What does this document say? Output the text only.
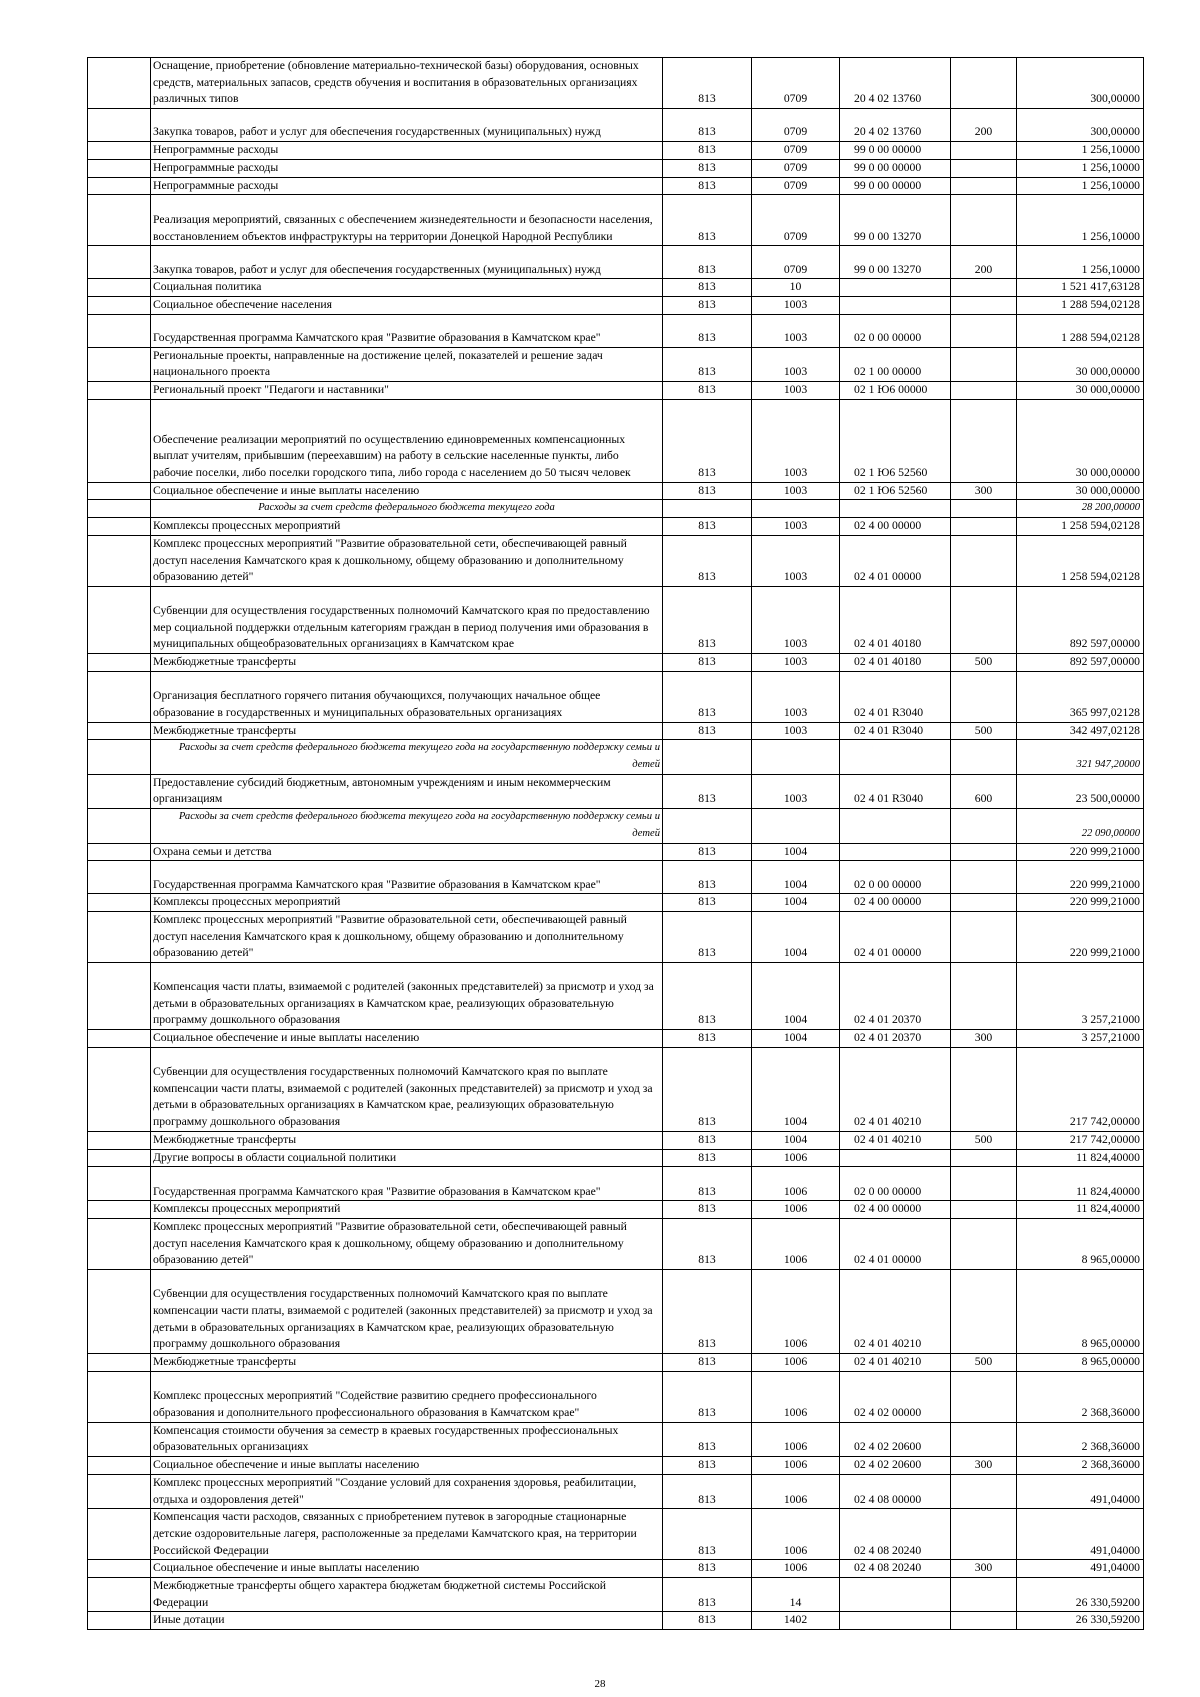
	Оснащение, приобретение (обновление материально-технической базы) оборудования, основных средств, материальных запасов, средств обучения и воспитания в образовательных организациях различных типов	813	0709	20 4 02 13760		300,00000
	Закупка товаров, работ и услуг для обеспечения государственных (муниципальных) нужд	813	0709	20 4 02 13760	200	300,00000
	Непрограммные расходы	813	0709	99 0 00 00000		1 256,10000
	Непрограммные расходы	813	0709	99 0 00 00000		1 256,10000
	Непрограммные расходы	813	0709	99 0 00 00000		1 256,10000
	Реализация мероприятий, связанных с обеспечением жизнедеятельности и безопасности населения, восстановлением объектов инфраструктуры на территории Донецкой Народной Республики	813	0709	99 0 00 13270		1 256,10000
	Закупка товаров, работ и услуг для обеспечения государственных (муниципальных) нужд	813	0709	99 0 00 13270	200	1 256,10000
	Социальная политика	813	10			1 521 417,63128
	Социальное обеспечение населения	813	1003			1 288 594,02128
	Государственная программа Камчатского края "Развитие образования в Камчатском крае"	813	1003	02 0 00 00000		1 288 594,02128
	Региональные проекты, направленные на достижение целей, показателей и решение задач национального проекта	813	1003	02 1 00 00000		30 000,00000
	Региональный проект "Педагоги и наставники"	813	1003	02 1 Ю6 00000		30 000,00000
	Обеспечение реализации мероприятий по осуществлению единовременных компенсационных выплат учителям, прибывшим (переехавшим) на работу в сельские населенные пункты, либо рабочие поселки, либо поселки городского типа, либо города с населением до 50 тысяч человек	813	1003	02 1 Ю6 52560		30 000,00000
	Социальное обеспечение и иные выплаты населению	813	1003	02 1 Ю6 52560	300	30 000,00000
	Расходы за счет средств федерального бюджета текущего года					28 200,00000
	Комплексы процессных мероприятий	813	1003	02 4 00 00000		1 258 594,02128
	Комплекс процессных мероприятий "Развитие образовательной сети, обеспечивающей равный доступ населения Камчатского края к дошкольному, общему образованию и дополнительному образованию детей"	813	1003	02 4 01 00000		1 258 594,02128
	Субвенции для осуществления государственных полномочий Камчатского края по предоставлению мер социальной поддержки отдельным категориям граждан в период получения ими образования в муниципальных общеобразовательных организациях в Камчатском крае	813	1003	02 4 01 40180		892 597,00000
	Межбюджетные трансферты	813	1003	02 4 01 40180	500	892 597,00000
	Организация бесплатного горячего питания обучающихся, получающих начальное общее образование в государственных и муниципальных образовательных организациях	813	1003	02 4 01 R3040		365 997,02128
	Межбюджетные трансферты	813	1003	02 4 01 R3040	500	342 497,02128
	Расходы за счет средств федерального бюджета текущего года на государственную поддержку семьи и детей					321 947,20000
	Предоставление субсидий бюджетным, автономным учреждениям и иным некоммерческим организациям	813	1003	02 4 01 R3040	600	23 500,00000
	Расходы за счет средств федерального бюджета текущего года на государственную поддержку семьи и детей					22 090,00000
	Охрана семьи и детства	813	1004			220 999,21000
	Государственная программа Камчатского края "Развитие образования в Камчатском крае"	813	1004	02 0 00 00000		220 999,21000
	Комплексы процессных мероприятий	813	1004	02 4 00 00000		220 999,21000
	Комплекс процессных мероприятий "Развитие образовательной сети, обеспечивающей равный доступ населения Камчатского края к дошкольному, общему образованию и дополнительному образованию детей"	813	1004	02 4 01 00000		220 999,21000
	Компенсация части платы, взимаемой с родителей (законных представителей) за присмотр и уход за детьми в образовательных организациях в Камчатском крае, реализующих образовательную программу дошкольного образования	813	1004	02 4 01 20370		3 257,21000
	Социальное обеспечение и иные выплаты населению	813	1004	02 4 01 20370	300	3 257,21000
	Субвенции для осуществления государственных полномочий Камчатского края по выплате компенсации части платы, взимаемой с родителей (законных представителей) за присмотр и уход за детьми в образовательных организациях в Камчатском крае, реализующих образовательную программу дошкольного образования	813	1004	02 4 01 40210		217 742,00000
	Межбюджетные трансферты	813	1004	02 4 01 40210	500	217 742,00000
	Другие вопросы в области социальной политики	813	1006			11 824,40000
	Государственная программа Камчатского края "Развитие образования в Камчатском крае"	813	1006	02 0 00 00000		11 824,40000
	Комплексы процессных мероприятий	813	1006	02 4 00 00000		11 824,40000
	Комплекс процессных мероприятий "Развитие образовательной сети, обеспечивающей равный доступ населения Камчатского края к дошкольному, общему образованию и дополнительному образованию детей"	813	1006	02 4 01 00000		8 965,00000
	Субвенции для осуществления государственных полномочий Камчатского края по выплате компенсации части платы, взимаемой с родителей (законных представителей) за присмотр и уход за детьми в образовательных организациях в Камчатском крае, реализующих образовательную программу дошкольного образования	813	1006	02 4 01 40210		8 965,00000
	Межбюджетные трансферты	813	1006	02 4 01 40210	500	8 965,00000
	Комплекс процессных мероприятий "Содействие развитию среднего профессионального образования и дополнительного профессионального образования в Камчатском крае"	813	1006	02 4 02 00000		2 368,36000
	Компенсация стоимости обучения за семестр в краевых государственных профессиональных образовательных организациях	813	1006	02 4 02 20600		2 368,36000
	Социальное обеспечение и иные выплаты населению	813	1006	02 4 02 20600	300	2 368,36000
	Комплекс процессных мероприятий "Создание условий для сохранения здоровья, реабилитации, отдыха и оздоровления детей"	813	1006	02 4 08 00000		491,04000
	Компенсация части расходов, связанных с приобретением путевок в загородные стационарные детские оздоровительные лагеря, расположенные за пределами Камчатского края, на территории Российской Федерации	813	1006	02 4 08 20240		491,04000
	Социальное обеспечение и иные выплаты населению	813	1006	02 4 08 20240	300	491,04000
	Межбюджетные трансферты общего характера бюджетам бюджетной системы Российской Федерации	813	14			26 330,59200
	Иные дотации	813	1402			26 330,59200
28
